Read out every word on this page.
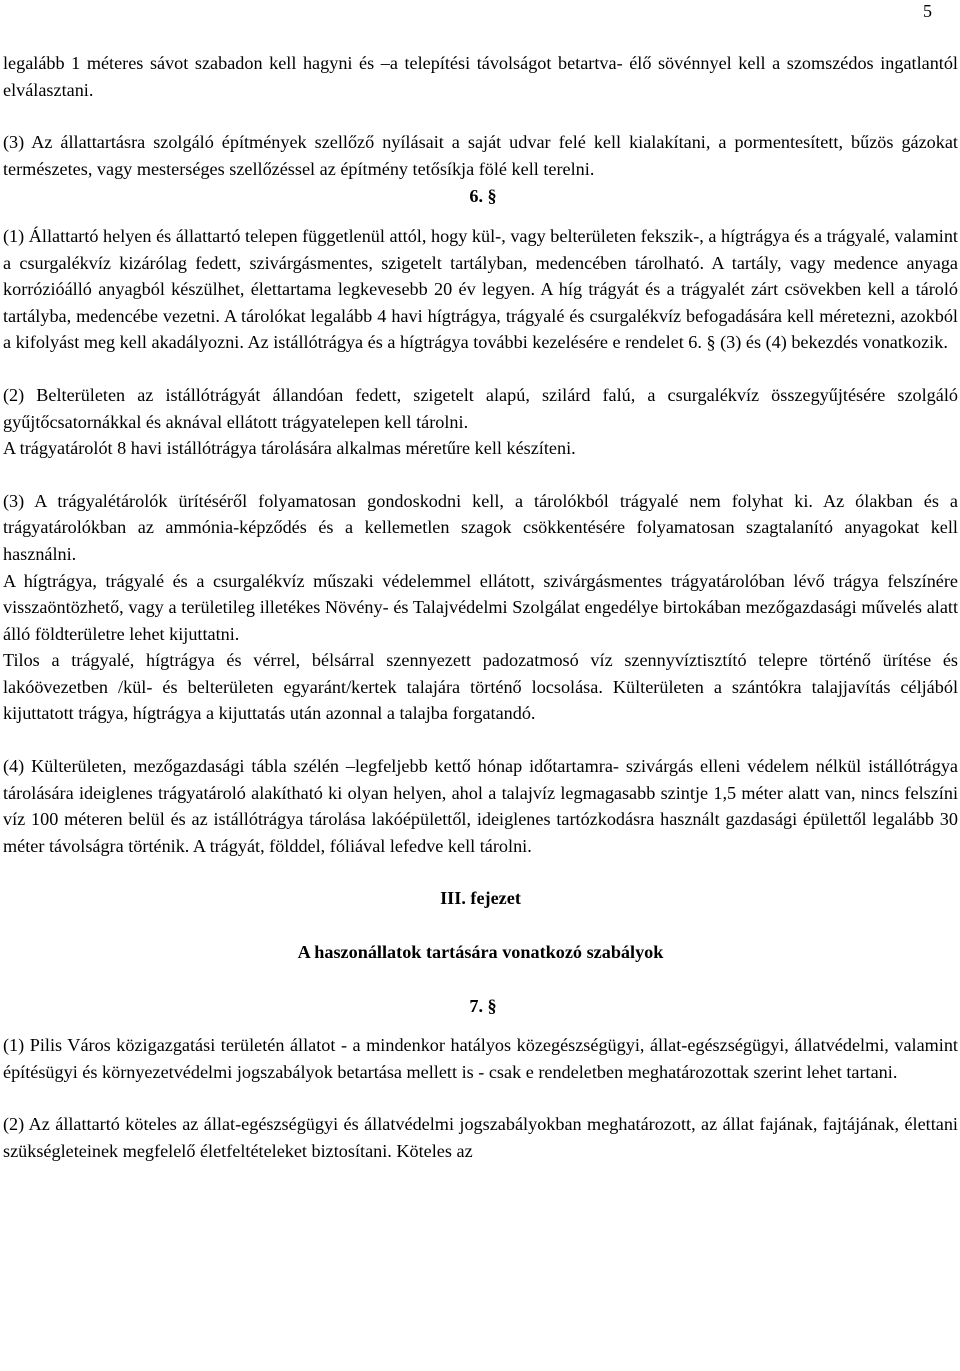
5

legalább 1 méteres sávot szabadon kell hagyni és –a telepítési távolságot betartva- élő sövénnyel kell a szomszédos ingatlantól elválasztani.

(3) Az állattartásra szolgáló építmények szellőző nyílásait a saját udvar felé kell kialakítani, a pormentesített, bűzös gázokat természetes, vagy mesterséges szellőzéssel az építmény tetősíkja fölé kell terelni.

6. §

(1) Állattartó helyen és állattartó telepen függetlenül attól, hogy kül-, vagy belterületen fekszik-, a hígtrágya és a trágyalé, valamint a csurgalékvíz kizárólag fedett, szivárgásmentes, szigetelt tartályban, medencében tárolható. A tartály, vagy medence anyaga korrózióálló anyagból készülhet, élettartama legkevesebb 20 év legyen. A híg trágyát és a trágyalét zárt csövekben kell a tároló tartályba, medencébe vezetni. A tárolókat legalább 4 havi hígtrágya, trágyalé és csurgalékvíz befogadására kell méretezni, azokból a kifolyást meg kell akadályozni. Az istállótrágya és a hígtrágya további kezelésére e rendelet 6. § (3) és (4) bekezdés vonatkozik.

(2) Belterületen az istállótrágyát állandóan fedett, szigetelt alapú, szilárd falú, a csurgalékvíz összegyűjtésére szolgáló gyűjtőcsatornákkal és aknával ellátott trágyatelepen kell tárolni.

A trágyatárolót 8 havi istállótrágya tárolására alkalmas méretűre kell készíteni.

(3) A trágyalétárolók ürítéséről folyamatosan gondoskodni kell, a tárolókból trágyalé nem folyhat ki. Az ólakban és a trágyatárolókban az ammónia-képződés és a kellemetlen szagok csökkentésére folyamatosan szagtalanító anyagokat kell használni.

A hígtrágya, trágyalé és a csurgalékvíz műszaki védelemmel ellátott, szivárgásmentes trágyatárolóban lévő trágya felszínére visszaöntözhető, vagy a területileg illetékes Növény- és Talajvédelmi Szolgálat engedélye birtokában mezőgazdasági művelés alatt álló földterületre lehet kijuttatni.

Tilos a trágyalé, hígtrágya és vérrel, bélsárral szennyezett padozatmosó víz szennyvíztisztító telepre történő ürítése és lakóövezetben /kül- és belterületen egyaránt/kertek talajára történő locsolása. Külterületen a szántókra talajjavítás céljából kijuttatott trágya, hígtrágya a kijuttatás után azonnal a talajba forgatandó.

(4) Külterületen, mezőgazdasági tábla szélén –legfeljebb kettő hónap időtartamra- szivárgás elleni védelem nélkül istállótrágya tárolására ideiglenes trágyatároló alakítható ki olyan helyen, ahol a talajvíz legmagasabb szintje 1,5 méter alatt van, nincs felszíni víz 100 méteren belül és az istállótrágya tárolása lakóépülettől, ideiglenes tartózkodásra használt gazdasági épülettől legalább 30 méter távolságra történik. A trágyát, földdel, fóliával lefedve kell tárolni.

III. fejezet
A haszonállatok tartására vonatkozó szabályok
7. §

(1) Pilis Város közigazgatási területén állatot - a mindenkor hatályos közegészségügyi, állat-egészségügyi, állatvédelmi, valamint építésügyi és környezetvédelmi jogszabályok betartása mellett is - csak e rendeletben meghatározottak szerint lehet tartani.

(2) Az állattartó köteles az állat-egészségügyi és állatvédelmi jogszabályokban meghatározott, az állat fajának, fajtájának, élettani szükségleteinek megfelelő életfeltételeket biztosítani. Köteles az
